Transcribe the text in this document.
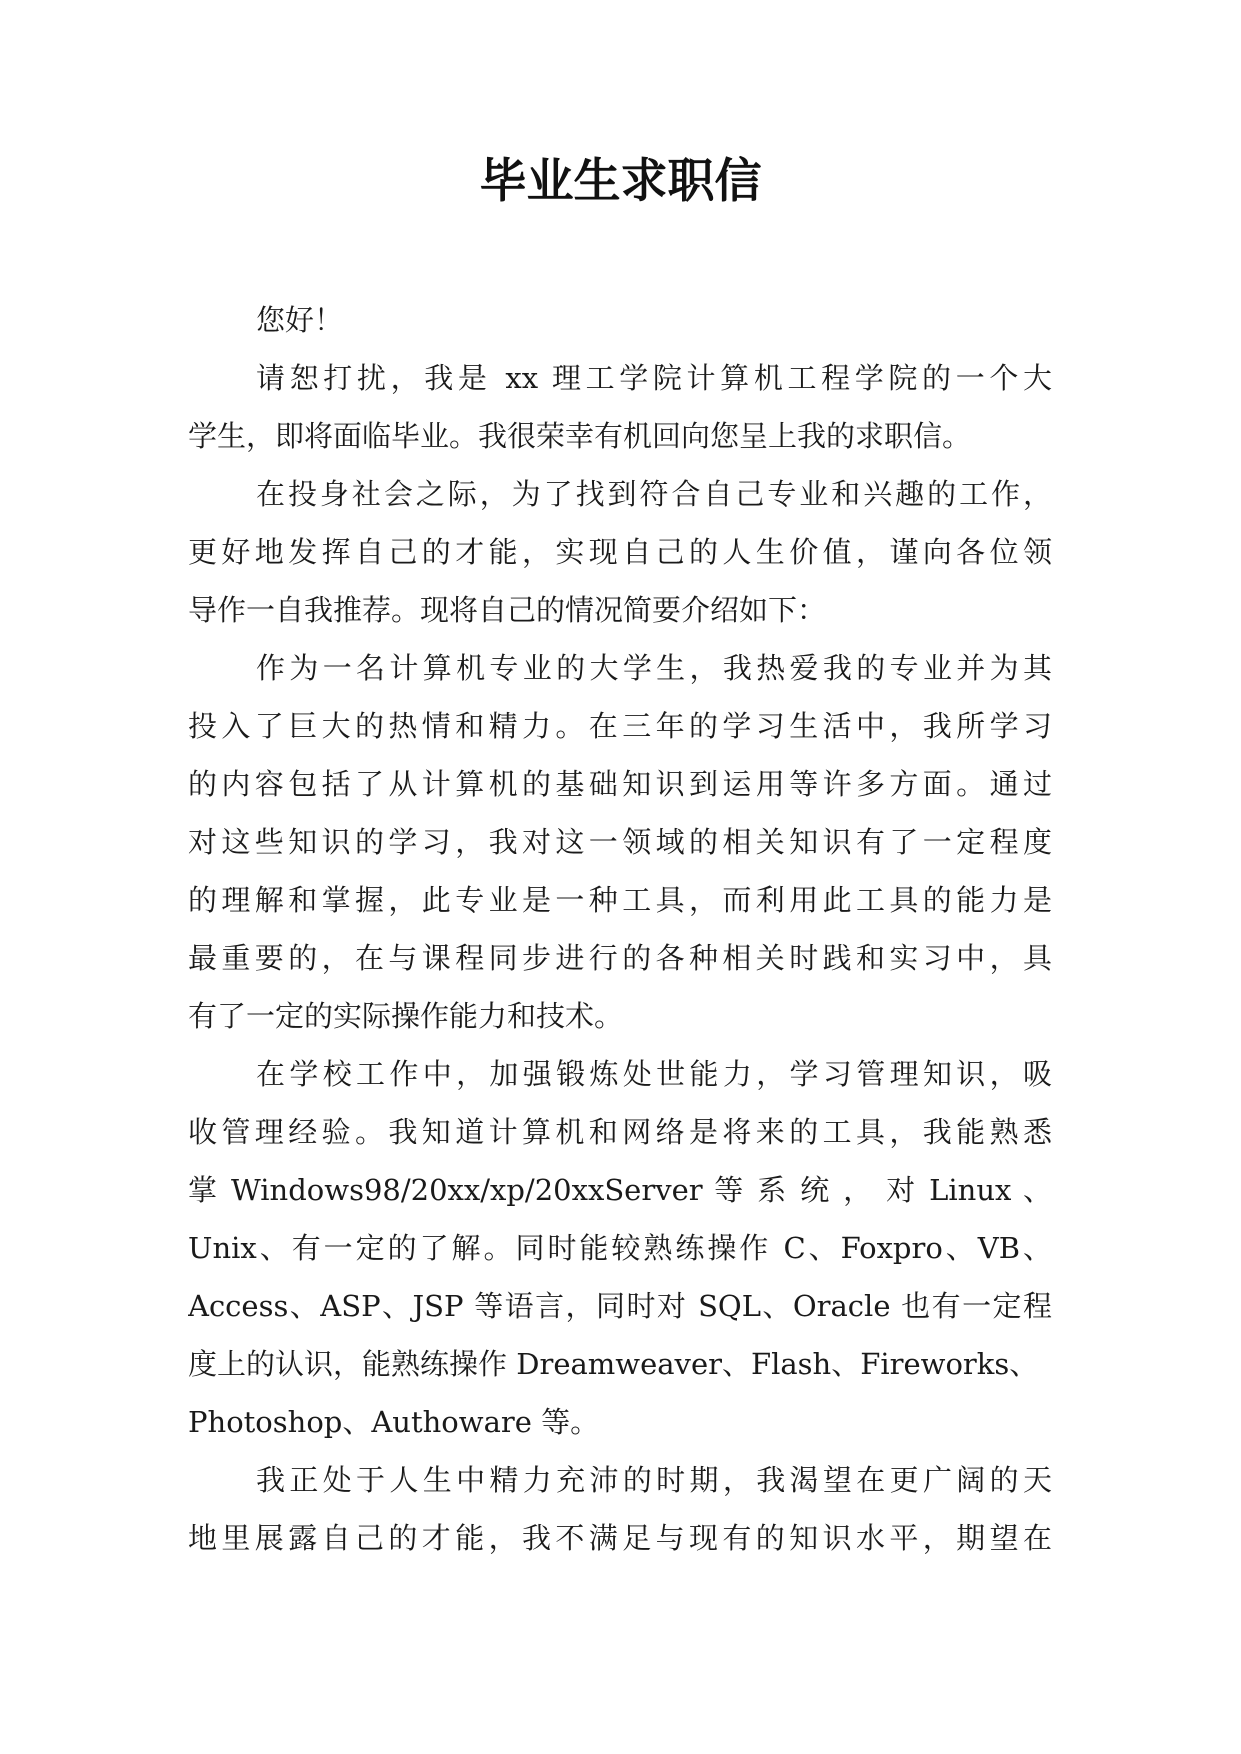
毕业生求职信
您好！
请恕打扰，我是 xx 理工学院计算机工程学院的一个大
学生，即将面临毕业。我很荣幸有机回向您呈上我的求职信。
在投身社会之际，为了找到符合自己专业和兴趣的工作，
更好地发挥自己的才能，实现自己的人生价值，谨向各位领
导作一自我推荐。现将自己的情况简要介绍如下：
作为一名计算机专业的大学生，我热爱我的专业并为其
投入了巨大的热情和精力。在三年的学习生活中，我所学习
的内容包括了从计算机的基础知识到运用等许多方面。通过
对这些知识的学习，我对这一领域的相关知识有了一定程度
的理解和掌握，此专业是一种工具，而利用此工具的能力是
最重要的，在与课程同步进行的各种相关时践和实习中，具
有了一定的实际操作能力和技术。
在学校工作中，加强锻炼处世能力，学习管理知识，吸
收管理经验。我知道计算机和网络是将来的工具，我能熟悉
掌 Windows98/20xx/xp/20xxServer 等 系 统 ， 对 Linux 、
Unix、有一定的了解。同时能较熟练操作 C、Foxpro、VB、
Access、ASP、JSP 等语言，同时对 SQL、Oracle 也有一定程
度上的认识，能熟练操作 Dreamweaver、Flash、Fireworks、
Photoshop、Authoware 等。
我正处于人生中精力充沛的时期，我渴望在更广阔的天
地里展露自己的才能，我不满足与现有的知识水平，期望在
